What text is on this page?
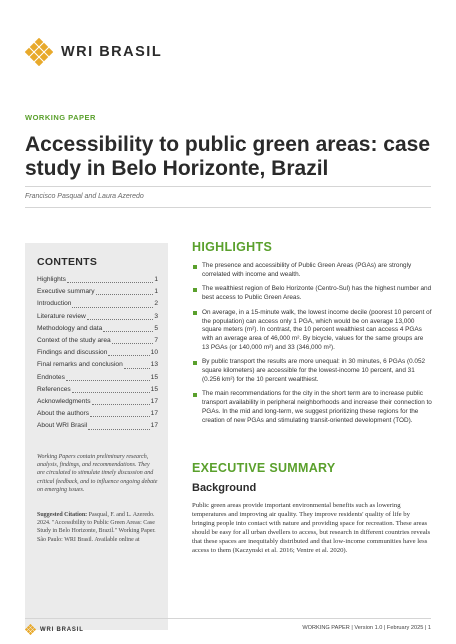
WRI BRASIL
WORKING PAPER
Accessibility to public green areas: case study in Belo Horizonte, Brazil
Francisco Pasqual and Laura Azeredo
CONTENTS
Highlights	1
Executive summary	1
Introduction	2
Literature review	3
Methodology and data	5
Context of the study area	7
Findings and discussion	10
Final remarks and conclusion	13
Endnotes	15
References	15
Acknowledgments	17
About the authors	17
About WRI Brasil	17

Working Papers contain preliminary research, analysis, findings, and recommendations. They are circulated to stimulate timely discussion and critical feedback, and to influence ongoing debate on emerging issues.

Suggested Citation: Pasqual, F. and L. Azeredo. 2024. "Accessibility to Public Green Areas: Case Study in Belo Horizonte, Brazil." Working Paper. São Paulo: WRI Brasil. Available online at

HIGHLIGHTS
The presence and accessibility of Public Green Areas (PGAs) are strongly correlated with income and wealth.
The wealthiest region of Belo Horizonte (Centro-Sul) has the highest number and best access to Public Green Areas.
On average, in a 15-minute walk, the lowest income decile (poorest 10 percent of the population) can access only 1 PGA, which would be on average 13,000 square meters (m²). In contrast, the 10 percent wealthiest can access 4 PGAs with an average area of 46,000 m². By bicycle, values for the same groups are 13 PGAs (or 140,000 m²) and 33 (346,000 m²).
By public transport the results are more unequal: in 30 minutes, 6 PGAs (0.052 square kilometers) are accessible for the lowest-income 10 percent, and 31 (0.256 km²) for the 10 percent wealthiest.
The main recommendations for the city in the short term are to increase public transport availability in peripheral neighborhoods and increase their connection to PGAs. In the mid and long-term, we suggest prioritizing these regions for the creation of new PGAs and stimulating transit-oriented development (TOD).
EXECUTIVE SUMMARY
Background

Public green areas provide important environmental benefits such as lowering temperatures and improving air quality. They improve residents' quality of life by bringing people into contact with nature and providing space for recreation. These areas should be easy for all urban dwellers to access, but research in different countries reveals that these spaces are inequitably distributed and that low-income communities have less access to them (Kaczynski et al. 2016; Ventre et al. 2020).

WRI BRASIL	WORKING PAPER | Version 1.0 | February 2025 | 1
